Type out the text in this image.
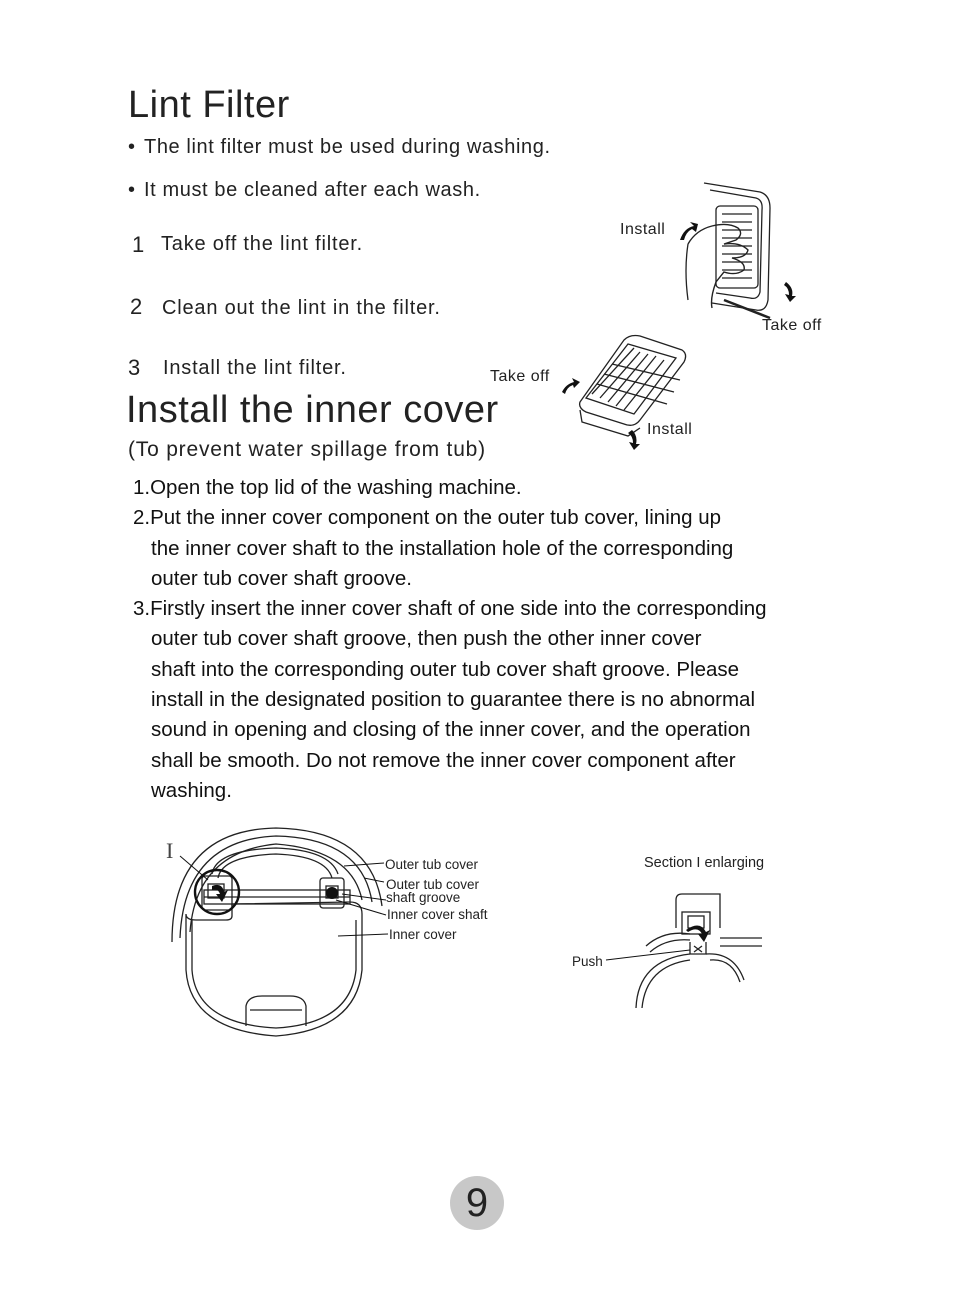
Lint Filter
• The lint filter must be used during washing.
• It must be cleaned after each wash.
1 Take off the lint filter.
2 Clean out the lint in the filter.
3 Install the lint filter.
Install
Take off
Take off
Install
Install the inner cover
(To prevent water spillage from tub)

1.Open the top lid of the washing machine.

2.Put the inner cover component on the outer tub cover, lining up

the inner cover shaft to the installation hole of the corresponding

outer tub cover shaft groove.

3.Firstly insert the inner cover shaft of one side into the corresponding

outer tub cover shaft groove, then push the other inner cover

shaft into the corresponding outer tub cover shaft groove. Please

install in the designated position to guarantee there is no abnormal

sound in opening and closing of the inner cover, and the operation

shall be smooth. Do not remove the inner cover component after

washing.

I
Outer tub cover
Outer tub cover
shaft groove
Inner cover shaft
Inner cover
Section I enlarging
Push
9
